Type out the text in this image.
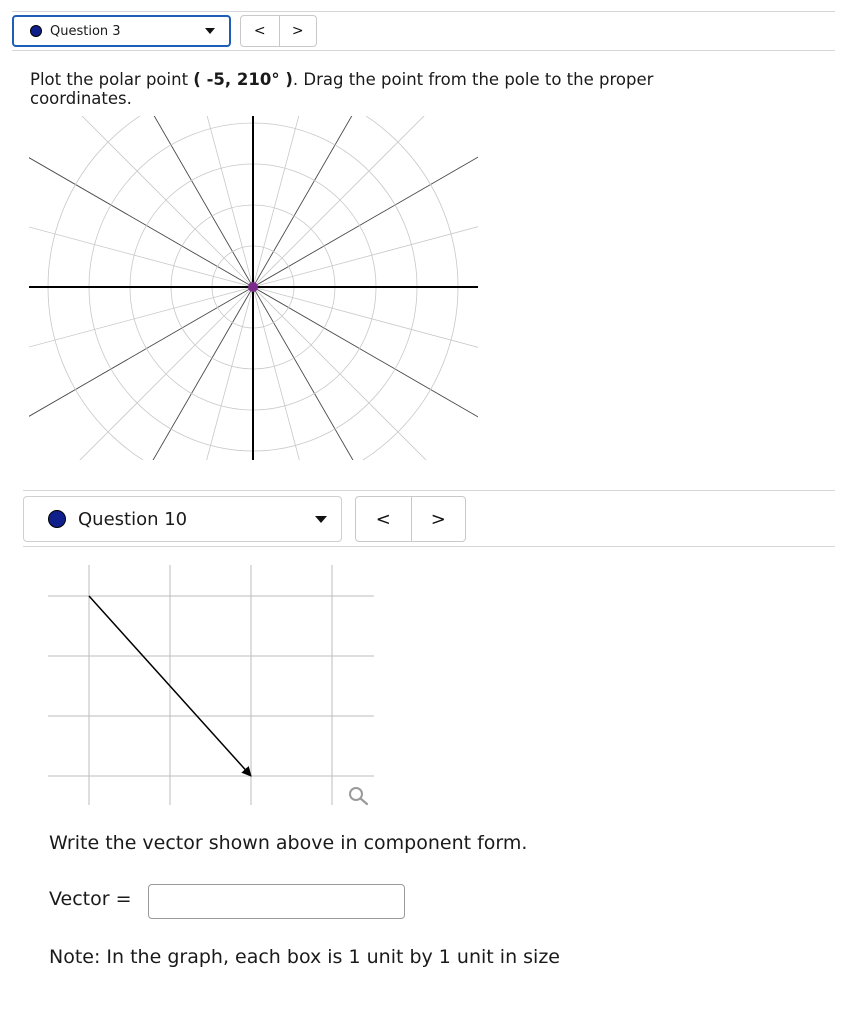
Question 3	<	>
Plot the polar point ( -5, 210° ). Drag the point from the pole to the proper coordinates.
Question 10	<	>
Write the vector shown above in component form.
Vector =
Note: In the graph, each box is 1 unit by 1 unit in size
